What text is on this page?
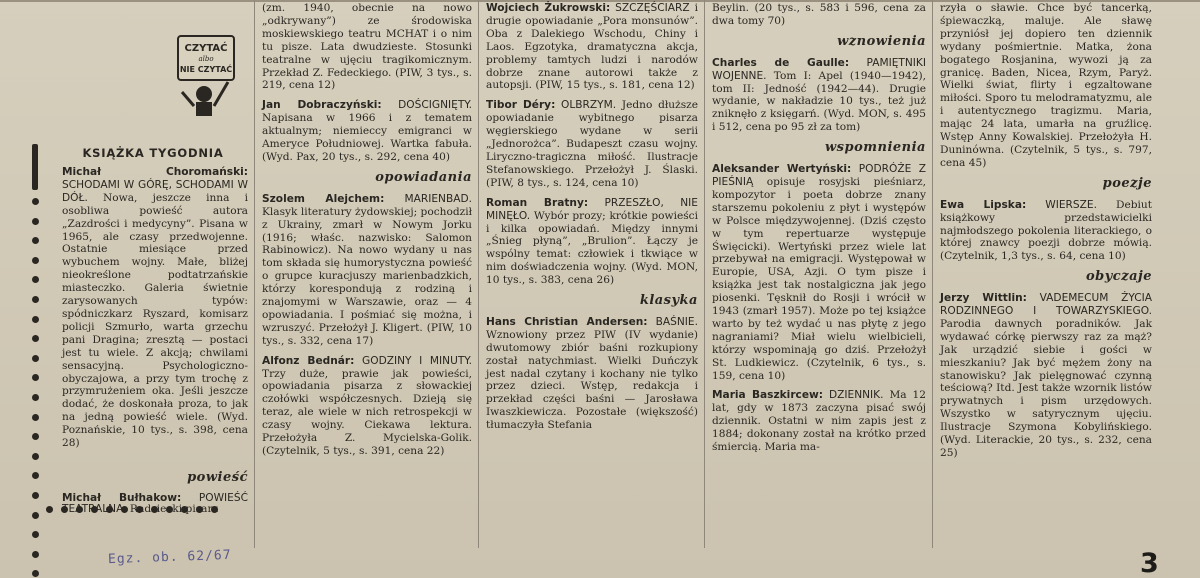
CZYTAĆ
albo
NIE CZYTAĆ
KSIĄŻKA TYGODNIA

Michał Choromański: SCHODAMI W GÓRĘ, SCHODAMI W DÓŁ. Nowa, jeszcze inna i osobliwa powieść autora „Zazdrości i medycyny”. Pisana w 1965, ale czasy przedwojenne. Ostatnie miesiące przed wybuchem wojny. Małe, bliżej nieokreślone podtatrzańskie miasteczko. Galeria świetnie zarysowanych typów: spódniczkarz Ryszard, komisarz policji Szmurło, warta grzechu pani Dragina; zresztą — postaci jest tu wiele. Z akcją; chwilami sensacyjną. Psychologiczno-obyczajowa, a przy tym trochę z przymrużeniem oka. Jeśli jeszcze dodać, że doskonała proza, to jak na jedną powieść wiele. (Wyd. Poznańskie, 10 tys., s. 398, cena 28)

powieść

Michał Bułhakow: POWIEŚĆ TEATRALNA. Radziecki pisarz

Egz. ob. 62/67

(zm. 1940, obecnie na nowo „odkrywany”) ze środowiska moskiewskiego teatru MCHAT i o nim tu pisze. Lata dwudzieste. Stosunki teatralne w ujęciu tragikomicznym. Przekład Z. Fedeckiego. (PIW, 3 tys., s. 219, cena 12)

Jan Dobraczyński: DOŚCIGNIĘTY. Napisana w 1966 i z tematem aktualnym; niemieccy emigranci w Ameryce Południowej. Wartka fabuła. (Wyd. Pax, 20 tys., s. 292, cena 40)

opowiadania

Szolem Alejchem: MARIENBAD. Klasyk literatury żydowskiej; pochodził z Ukrainy, zmarł w Nowym Jorku (1916; właśc. nazwisko: Salomon Rabinowicz). Na nowo wydany u nas tom składa się humorystyczna powieść o grupce kuracjuszy marienbadzkich, którzy korespondują z rodziną i znajomymi w Warszawie, oraz — 4 opowiadania. I pośmiać się można, i wzruszyć. Przełożył J. Kligert. (PIW, 10 tys., s. 332, cena 17)

Alfonz Bednár: GODZINY I MINUTY. Trzy duże, prawie jak powieści, opowiadania pisarza z słowackiej czołówki współczesnych. Dzieją się teraz, ale wiele w nich retrospekcji w czasy wojny. Ciekawa lektura. Przełożyła Z. Mycielska-Golik. (Czytelnik, 5 tys., s. 391, cena 22)

Wojciech Żukrowski: SZCZĘŚCIARZ i drugie opowiadanie „Pora monsunów”. Oba z Dalekiego Wschodu, Chiny i Laos. Egzotyka, dramatyczna akcja, problemy tamtych ludzi i narodów dobrze znane autorowi także z autopsji. (PIW, 15 tys., s. 181, cena 12)

Tibor Déry: OLBRZYM. Jedno dłuższe opowiadanie wybitnego pisarza węgierskiego wydane w serii „Jednorożca”. Budapeszt czasu wojny. Liryczno-tragiczna miłość. Ilustracje Stefanowskiego. Przełożył J. Ślaski. (PIW, 8 tys., s. 124, cena 10)

Roman Bratny: PRZESZŁO, NIE MINĘŁO. Wybór prozy; krótkie powieści i kilka opowiadań. Między innymi „Śnieg płyną”, „Brulion”. Łączy je wspólny temat: człowiek i tkwiące w nim doświadczenia wojny. (Wyd. MON, 10 tys., s. 383, cena 26)

klasyka

Hans Christian Andersen: BAŚNIE. Wznowiony przez PIW (IV wydanie) dwutomowy zbiór baśni rozkupiony został natychmiast. Wielki Duńczyk jest nadal czytany i kochany nie tylko przez dzieci. Wstęp, redakcja i przekład części baśni — Jarosława Iwaszkiewicza. Pozostałe (większość) tłumaczyła Stefania

Beylin. (20 tys., s. 583 i 596, cena za dwa tomy 70)

wznowienia

Charles de Gaulle: PAMIĘTNIKI WOJENNE. Tom I: Apel (1940—1942), tom II: Jedność (1942—44). Drugie wydanie, w nakładzie 10 tys., też już zniknęło z księgarń. (Wyd. MON, s. 495 i 512, cena po 95 zł za tom)

wspomnienia

Aleksander Wertyński: PODRÓŻE Z PIEŚNIĄ opisuje rosyjski pieśniarz, kompozytor i poeta dobrze znany starszemu pokoleniu z płyt i występów w Polsce międzywojennej. (Dziś często w tym repertuarze występuje Święcicki). Wertyński przez wiele lat przebywał na emigracji. Występował w Europie, USA, Azji. O tym pisze i książka jest tak nostalgiczna jak jego piosenki. Tęsknił do Rosji i wrócił w 1943 (zmarł 1957). Może po tej książce warto by też wydać u nas płytę z jego nagraniami? Miał wielu wielbicieli, którzy wspominają go dziś. Przełożył St. Ludkiewicz. (Czytelnik, 6 tys., s. 159, cena 10)

Maria Baszkircew: DZIENNIK. Ma 12 lat, gdy w 1873 zaczyna pisać swój dziennik. Ostatni w nim zapis jest z 1884; dokonany został na krótko przed śmiercią. Maria ma-

rzyła o sławie. Chce być tancerką, śpiewaczką, maluje. Ale sławę przyniósł jej dopiero ten dziennik wydany pośmiertnie. Matka, żona bogatego Rosjanina, wywozi ją za granicę. Baden, Nicea, Rzym, Paryż. Wielki świat, flirty i egzaltowane miłości. Sporo tu melodramatyzmu, ale i autentycznego tragizmu. Maria, mając 24 lata, umarła na gruźlicę. Wstęp Anny Kowalskiej. Przełożyła H. Duninówna. (Czytelnik, 5 tys., s. 797, cena 45)

poezje

Ewa Lipska: WIERSZE. Debiut książkowy przedstawicielki najmłodszego pokolenia literackiego, o której znawcy poezji dobrze mówią. (Czytelnik, 1,3 tys., s. 64, cena 10)

obyczaje

Jerzy Wittlin: VADEMECUM ŻYCIA RODZINNEGO I TOWARZYSKIEGO. Parodia dawnych poradników. Jak wydawać córkę pierwszy raz za mąż? Jak urządzić siebie i gości w mieszkaniu? Jak być mężem żony na stanowisku? Jak pielęgnować czynną teściową? Itd. Jest także wzornik listów prywatnych i pism urzędowych. Wszystko w satyrycznym ujęciu. Ilustracje Szymona Kobylińskiego. (Wyd. Literackie, 20 tys., s. 232, cena 25)

3
